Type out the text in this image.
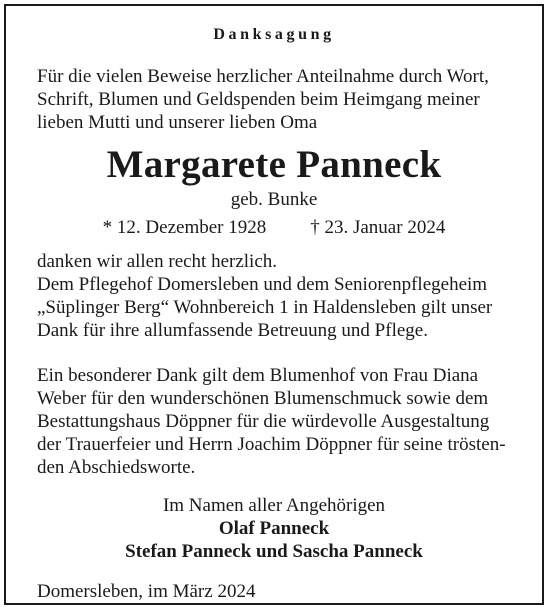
Danksagung
Für die vielen Beweise herzlicher Anteilnahme durch Wort,
Schrift, Blumen und Geldspenden beim Heimgang meiner
lieben Mutti und unserer lieben Oma
Margarete Panneck
geb. Bunke
* 12. Dezember 1928 † 23. Januar 2024
danken wir allen recht herzlich.
Dem Pflegehof Domersleben und dem Seniorenpflegeheim
„Süplinger Berg“ Wohnbereich 1 in Haldensleben gilt unser
Dank für ihre allumfassende Betreuung und Pflege.
Ein besonderer Dank gilt dem Blumenhof von Frau Diana
Weber für den wunderschönen Blumenschmuck sowie dem
Bestattungshaus Döppner für die würdevolle Ausgestaltung
der Trauerfeier und Herrn Joachim Döppner für seine trösten-
den Abschiedsworte.
Im Namen aller Angehörigen
Olaf Panneck
Stefan Panneck und Sascha Panneck
Domersleben, im März 2024
